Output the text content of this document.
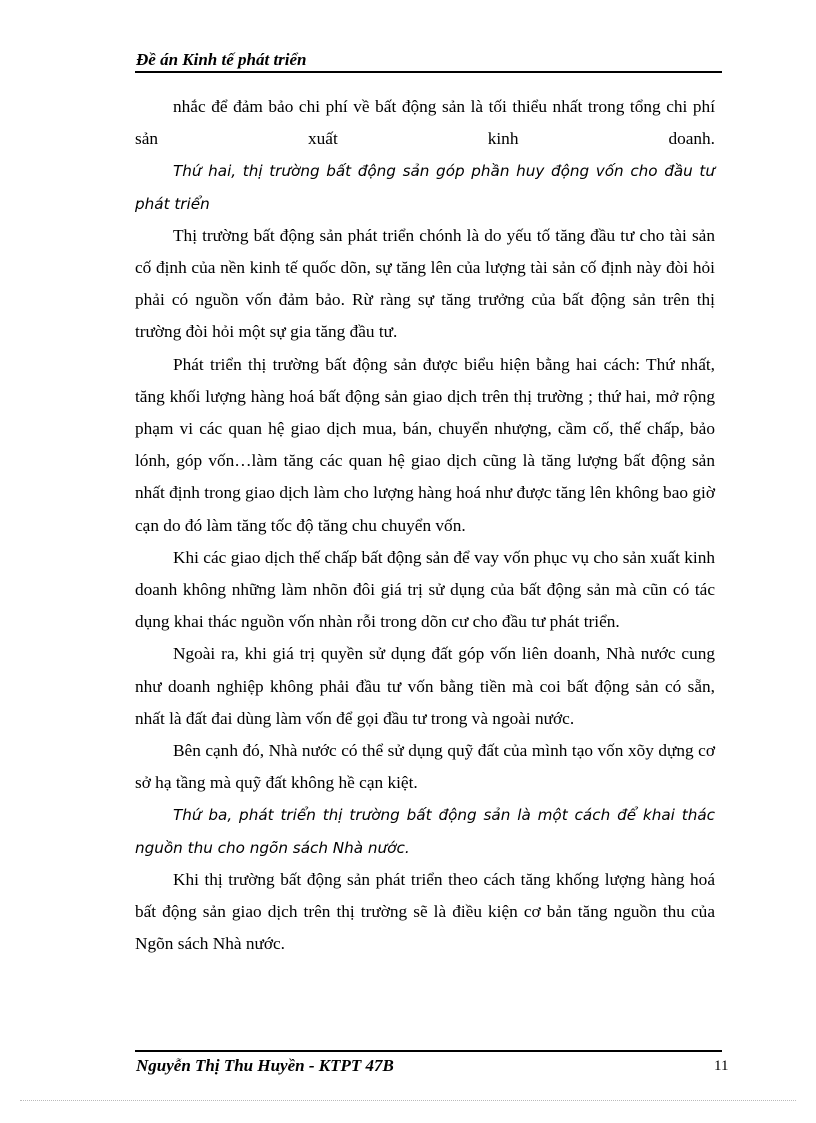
Đề án Kinh tế phát triển

nhắc để đảm bảo chi phí về bất động sản là tối thiểu nhất trong tổng chi phí sản xuất kinh doanh.

Thứ hai, thị trường bất động sản góp phần huy động vốn cho đầu tư phát triển

Thị trường bất động sản phát triển chónh là do yếu tố tăng đầu tư cho tài sản cố định của nền kinh tế quốc dõn, sự tăng lên của lượng tài sản cố định này đòi hỏi phải có nguồn vốn đảm bảo. Rừ ràng sự tăng trưởng của bất động sản trên thị trường đòi hỏi một sự gia tăng đầu tư.

Phát triển thị trường bất động sản được biểu hiện bằng hai cách: Thứ nhất, tăng khối lượng hàng hoá bất động sản giao dịch trên thị trường ; thứ hai, mở rộng phạm vi các quan hệ giao dịch mua, bán, chuyển nhượng, cầm cố, thế chấp, bảo lónh, góp vốn…làm tăng các quan hệ giao dịch cũng là tăng lượng bất động sản nhất định trong giao dịch làm cho lượng hàng hoá như được tăng lên không bao giờ cạn do đó làm tăng tốc độ tăng chu chuyển vốn.

Khi các giao dịch thế chấp bất động sản để vay vốn phục vụ cho sản xuất kinh doanh không những làm nhõn đôi giá trị sử dụng của bất động sản mà cũn có tác dụng khai thác nguồn vốn nhàn rỗi trong dõn cư cho đầu tư phát triển.

Ngoài ra, khi giá trị quyền sử dụng đất góp vốn liên doanh, Nhà nước cung như doanh nghiệp không phải đầu tư vốn bằng tiền mà coi bất động sản có sẵn, nhất là đất đai dùng làm vốn để gọi đầu tư trong và ngoài nước.

Bên cạnh đó, Nhà nước có thể sử dụng quỹ đất của mình tạo vốn xõy dựng cơ sở hạ tầng mà quỹ đất không hề cạn kiệt.

Thứ ba, phát triển thị trường bất động sản là một cách để khai thác nguồn thu cho ngõn sách Nhà nước.

Khi thị trường bất động sản phát triển theo cách tăng khống lượng hàng hoá bất động sản giao dịch trên thị trường sẽ là điều kiện cơ bản tăng nguồn thu của Ngõn sách Nhà nước.

Nguyễn Thị Thu Huyền - KTPT 47B	11
